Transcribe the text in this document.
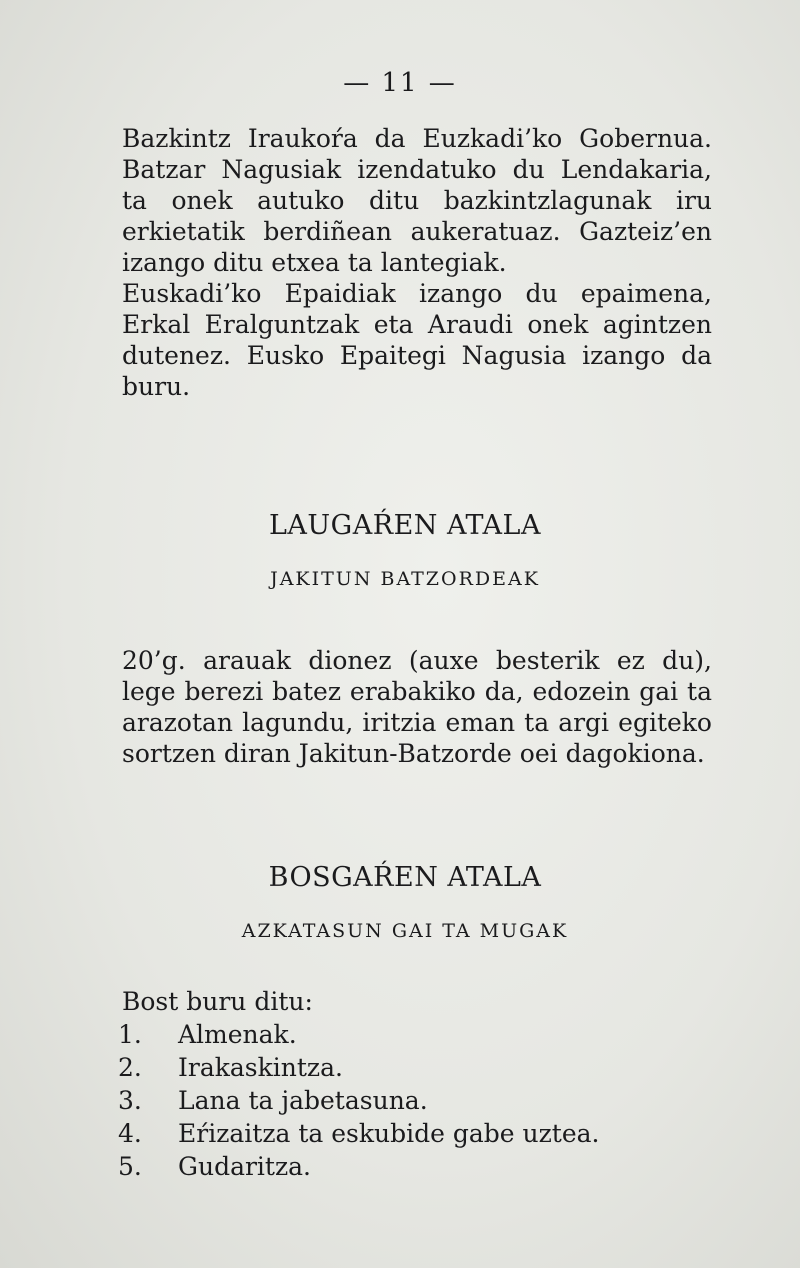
— 11 —

Bazkintz Iraukoŕa da Euzkadi’ko Gobernua. Batzar Nagusiak izendatuko du Lendakaria, ta onek autuko ditu bazkintzlagunak iru erkietatik berdiñean aukeratuaz. Gazteiz’en izango ditu etxea ta lantegiak.

Euskadi’ko Epaidiak izango du epaimena, Erkal Eralguntzak eta Araudi onek agintzen dutenez. Eusko Epaitegi Nagusia izango da buru.

LAUGAŔEN ATALA
JAKITUN BATZORDEAK

20’g. arauak dionez (auxe besterik ez du), lege berezi batez erabakiko da, edozein gai ta arazotan lagundu, iritzia eman ta argi egiteko sortzen diran Jakitun-Batzorde oei dagokiona.

BOSGAŔEN ATALA
AZKATASUN GAI TA MUGAK
Bost buru ditu:
1.	Almenak.
2.	Irakaskintza.
3.	Lana ta jabetasuna.
4.	Eŕizaitza ta eskubide gabe uztea.
5.	Gudaritza.
